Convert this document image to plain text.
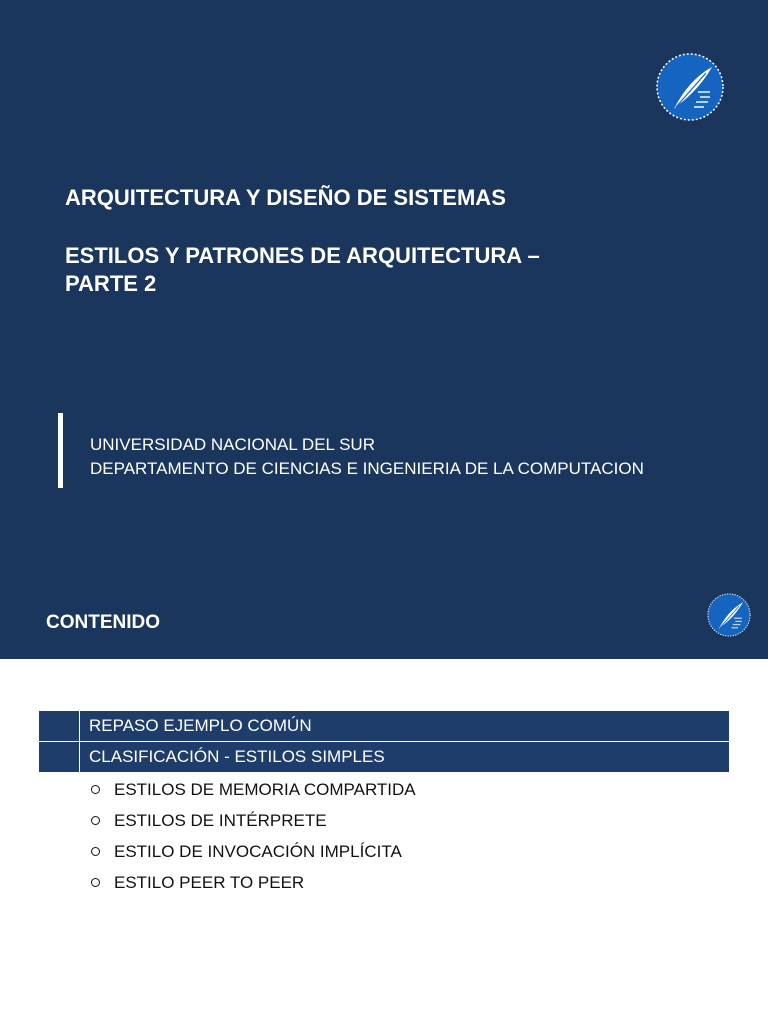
ARQUITECTURA Y DISEÑO DE SISTEMAS
ESTILOS Y PATRONES DE ARQUITECTURA –
PARTE 2
UNIVERSIDAD NACIONAL DEL SUR
DEPARTAMENTO DE CIENCIAS E INGENIERIA DE LA COMPUTACION
CONTENIDO
REPASO EJEMPLO COMÚN
CLASIFICACIÓN - ESTILOS SIMPLES
ESTILOS DE MEMORIA COMPARTIDA
ESTILOS DE INTÉRPRETE
ESTILO DE INVOCACIÓN IMPLÍCITA
ESTILO PEER TO PEER
